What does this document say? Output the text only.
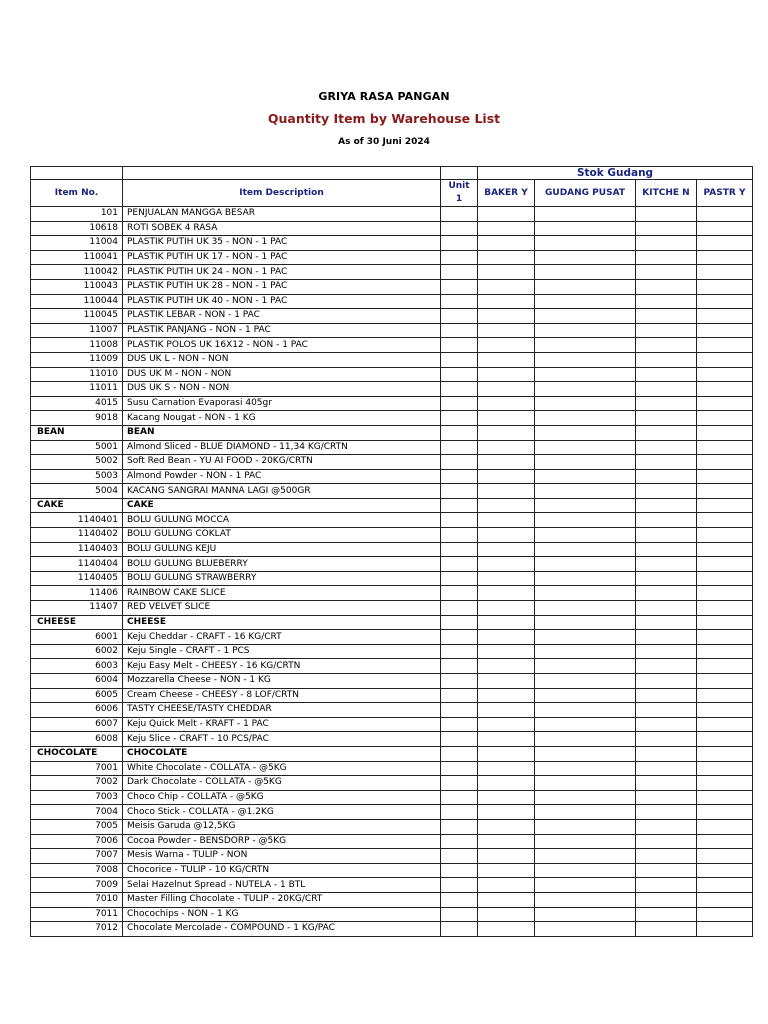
GRIYA RASA PANGAN
Quantity Item by Warehouse List
As of 30 Juni 2024
			Stok Gudang			
Item No.	Item Description	Unit 1	BAKER Y	GUDANG PUSAT	KITCHE N	PASTR Y
101	PENJUALAN MANGGA BESAR					
10618	ROTI SOBEK 4 RASA					
11004	PLASTIK PUTIH UK 35 - NON - 1 PAC					
110041	PLASTIK PUTIH UK 17 - NON - 1 PAC					
110042	PLASTIK PUTIH UK 24 - NON - 1 PAC					
110043	PLASTIK PUTIH UK 28 - NON - 1 PAC					
110044	PLASTIK PUTIH UK 40 - NON - 1 PAC					
110045	PLASTIK LEBAR - NON - 1 PAC					
11007	PLASTIK PANJANG - NON - 1 PAC					
11008	PLASTIK POLOS UK 16X12 - NON - 1 PAC					
11009	DUS UK L - NON - NON					
11010	DUS UK M - NON - NON					
11011	DUS UK S - NON - NON					
4015	Susu Carnation Evaporasi 405gr					
9018	Kacang Nougat - NON - 1 KG					
BEAN	BEAN					
5001	Almond Sliced - BLUE DIAMOND - 11,34 KG/CRTN					
5002	Soft Red Bean - YU AI FOOD - 20KG/CRTN					
5003	Almond Powder - NON - 1 PAC					
5004	KACANG SANGRAI MANNA LAGI @500GR					
CAKE	CAKE					
1140401	BOLU GULUNG MOCCA					
1140402	BOLU GULUNG COKLAT					
1140403	BOLU GULUNG KEJU					
1140404	BOLU GULUNG BLUEBERRY					
1140405	BOLU GULUNG STRAWBERRY					
11406	RAINBOW CAKE SLICE					
11407	RED VELVET SLICE					
CHEESE	CHEESE					
6001	Keju Cheddar - CRAFT - 16 KG/CRT					
6002	Keju Single - CRAFT - 1 PCS					
6003	Keju Easy Melt - CHEESY - 16 KG/CRTN					
6004	Mozzarella Cheese - NON - 1 KG					
6005	Cream Cheese - CHEESY - 8 LOF/CRTN					
6006	TASTY CHEESE/TASTY CHEDDAR					
6007	Keju Quick Melt - KRAFT - 1 PAC					
6008	Keju Slice - CRAFT - 10 PCS/PAC					
CHOCOLATE	CHOCOLATE					
7001	White Chocolate - COLLATA - @5KG					
7002	Dark Chocolate - COLLATA - @5KG					
7003	Choco Chip - COLLATA - @5KG					
7004	Choco Stick - COLLATA - @1.2KG					
7005	Meisis Garuda @12,5KG					
7006	Cocoa Powder - BENSDORP - @5KG					
7007	Mesis Warna - TULIP - NON					
7008	Chocorice - TULIP - 10 KG/CRTN					
7009	Selai Hazelnut Spread - NUTELA - 1 BTL					
7010	Master Filling Chocolate - TULIP - 20KG/CRT					
7011	Chocochips - NON - 1 KG					
7012	Chocolate Mercolade - COMPOUND - 1 KG/PAC					
